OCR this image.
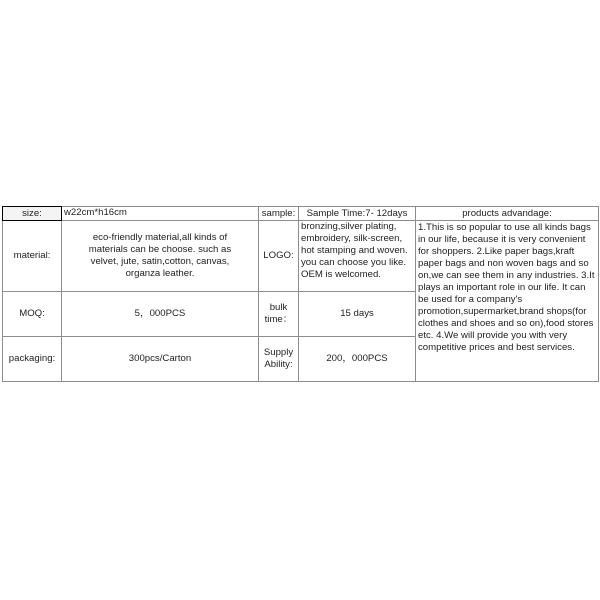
size:	w22cm*h16cm	sample:	Sample Time:7- 12days	products advandage:
material:	eco-friendly material,all kinds of materials can be choose. such as velvet, jute, satin,cotton, canvas, organza leather.	LOGO:	bronzing,silver plating, embroidery, silk-screen, hot stamping and woven. you can choose you like. OEM is welcomed.	1.This is so popular to use all kinds bags in our life, because it is very convenient for shoppers. 2.Like paper bags,kraft paper bags and non woven bags and so on,we can see them in any industries. 3.It plays an important role in our life. It can be used for a company's promotion,supermarket,brand shops(for clothes and shoes and so on),food stores etc. 4.We will provide you with very competitive prices and best services.
MOQ:	5，000PCS	bulk time：	15 days	
packaging:	300pcs/Carton	Supply Ability:	200，000PCS	
